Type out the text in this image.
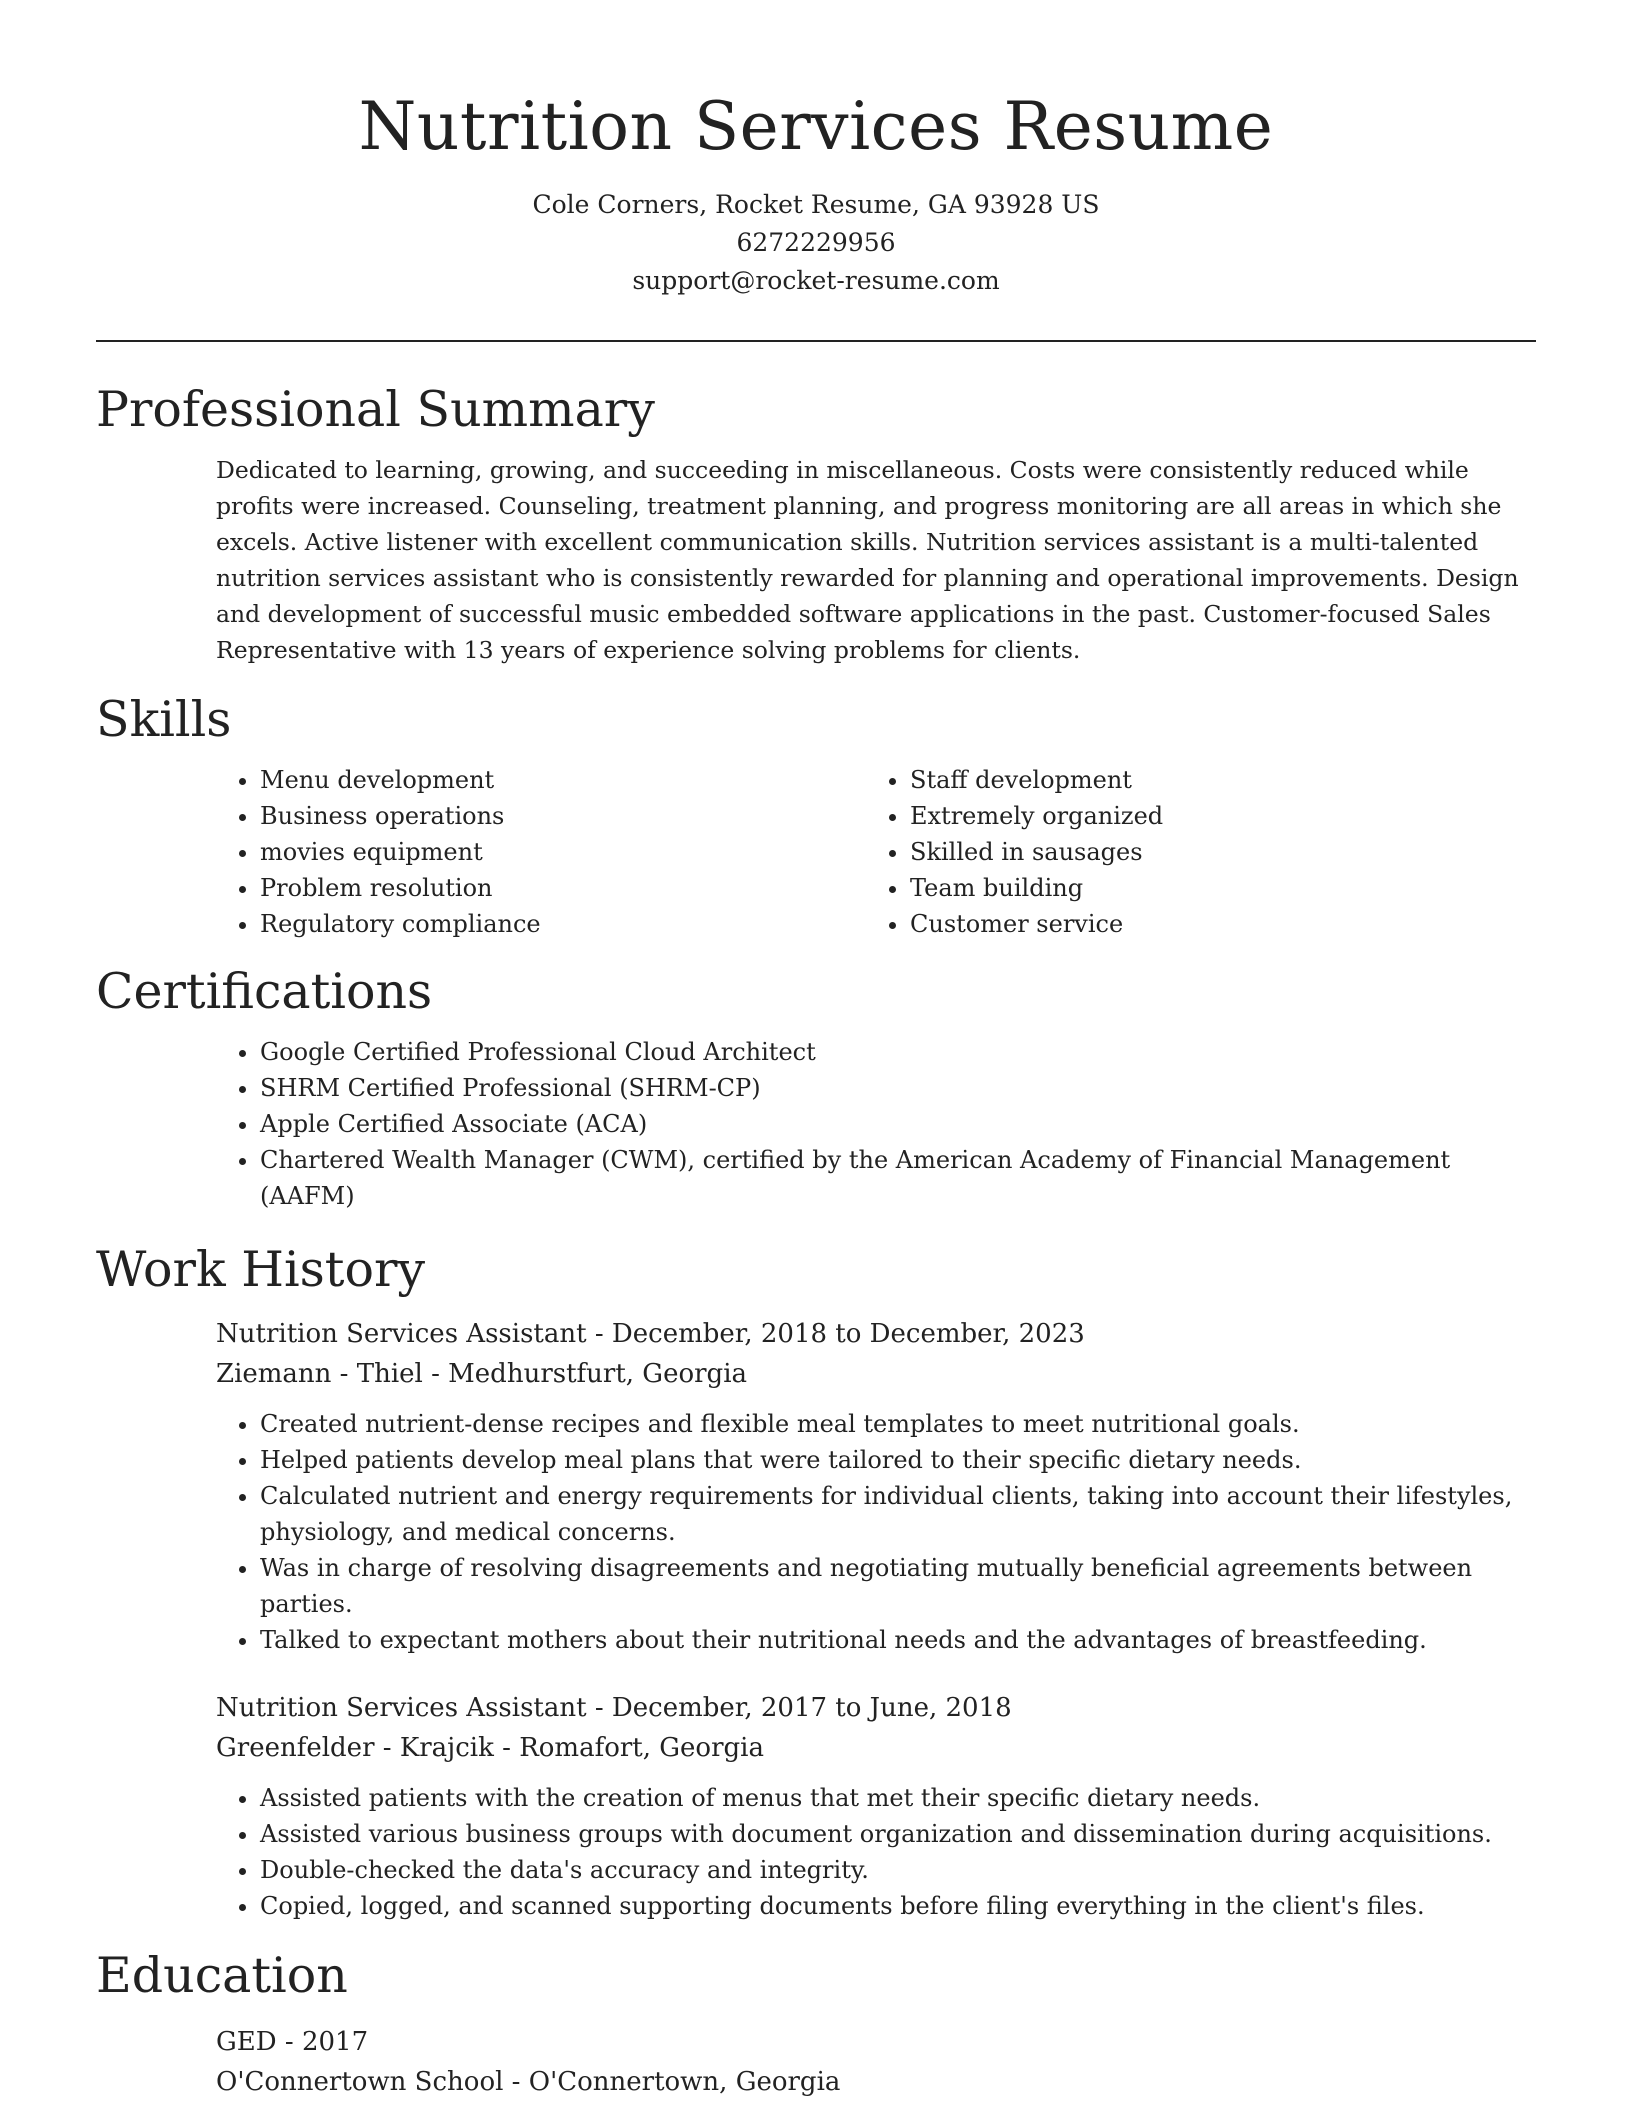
Nutrition Services Resume
Cole Corners, Rocket Resume, GA 93928 US
6272229956
support@rocket-resume.com
Professional Summary

Dedicated to learning, growing, and succeeding in miscellaneous. Costs were consistently reduced while profits were increased. Counseling, treatment planning, and progress monitoring are all areas in which she excels. Active listener with excellent communication skills. Nutrition services assistant is a multi-talented nutrition services assistant who is consistently rewarded for planning and operational improvements. Design and development of successful music embedded software applications in the past. Customer-focused Sales Representative with 13 years of experience solving problems for clients.

Skills
• Menu development
• Business operations
• movies equipment
• Problem resolution
• Regulatory compliance
• Staff development
• Extremely organized
• Skilled in sausages
• Team building
• Customer service
Certifications
• Google Certified Professional Cloud Architect
• SHRM Certified Professional (SHRM-CP)
• Apple Certified Associate (ACA)
• Chartered Wealth Manager (CWM), certified by the American Academy of Financial Management (AAFM)
Work History
Nutrition Services Assistant - December, 2018 to December, 2023
Ziemann - Thiel - Medhurstfurt, Georgia
• Created nutrient-dense recipes and flexible meal templates to meet nutritional goals.
• Helped patients develop meal plans that were tailored to their specific dietary needs.
• Calculated nutrient and energy requirements for individual clients, taking into account their lifestyles, physiology, and medical concerns.
• Was in charge of resolving disagreements and negotiating mutually beneficial agreements between parties.
• Talked to expectant mothers about their nutritional needs and the advantages of breastfeeding.
Nutrition Services Assistant - December, 2017 to June, 2018
Greenfelder - Krajcik - Romafort, Georgia
• Assisted patients with the creation of menus that met their specific dietary needs.
• Assisted various business groups with document organization and dissemination during acquisitions.
• Double-checked the data's accuracy and integrity.
• Copied, logged, and scanned supporting documents before filing everything in the client's files.
Education
GED - 2017
O'Connertown School - O'Connertown, Georgia
